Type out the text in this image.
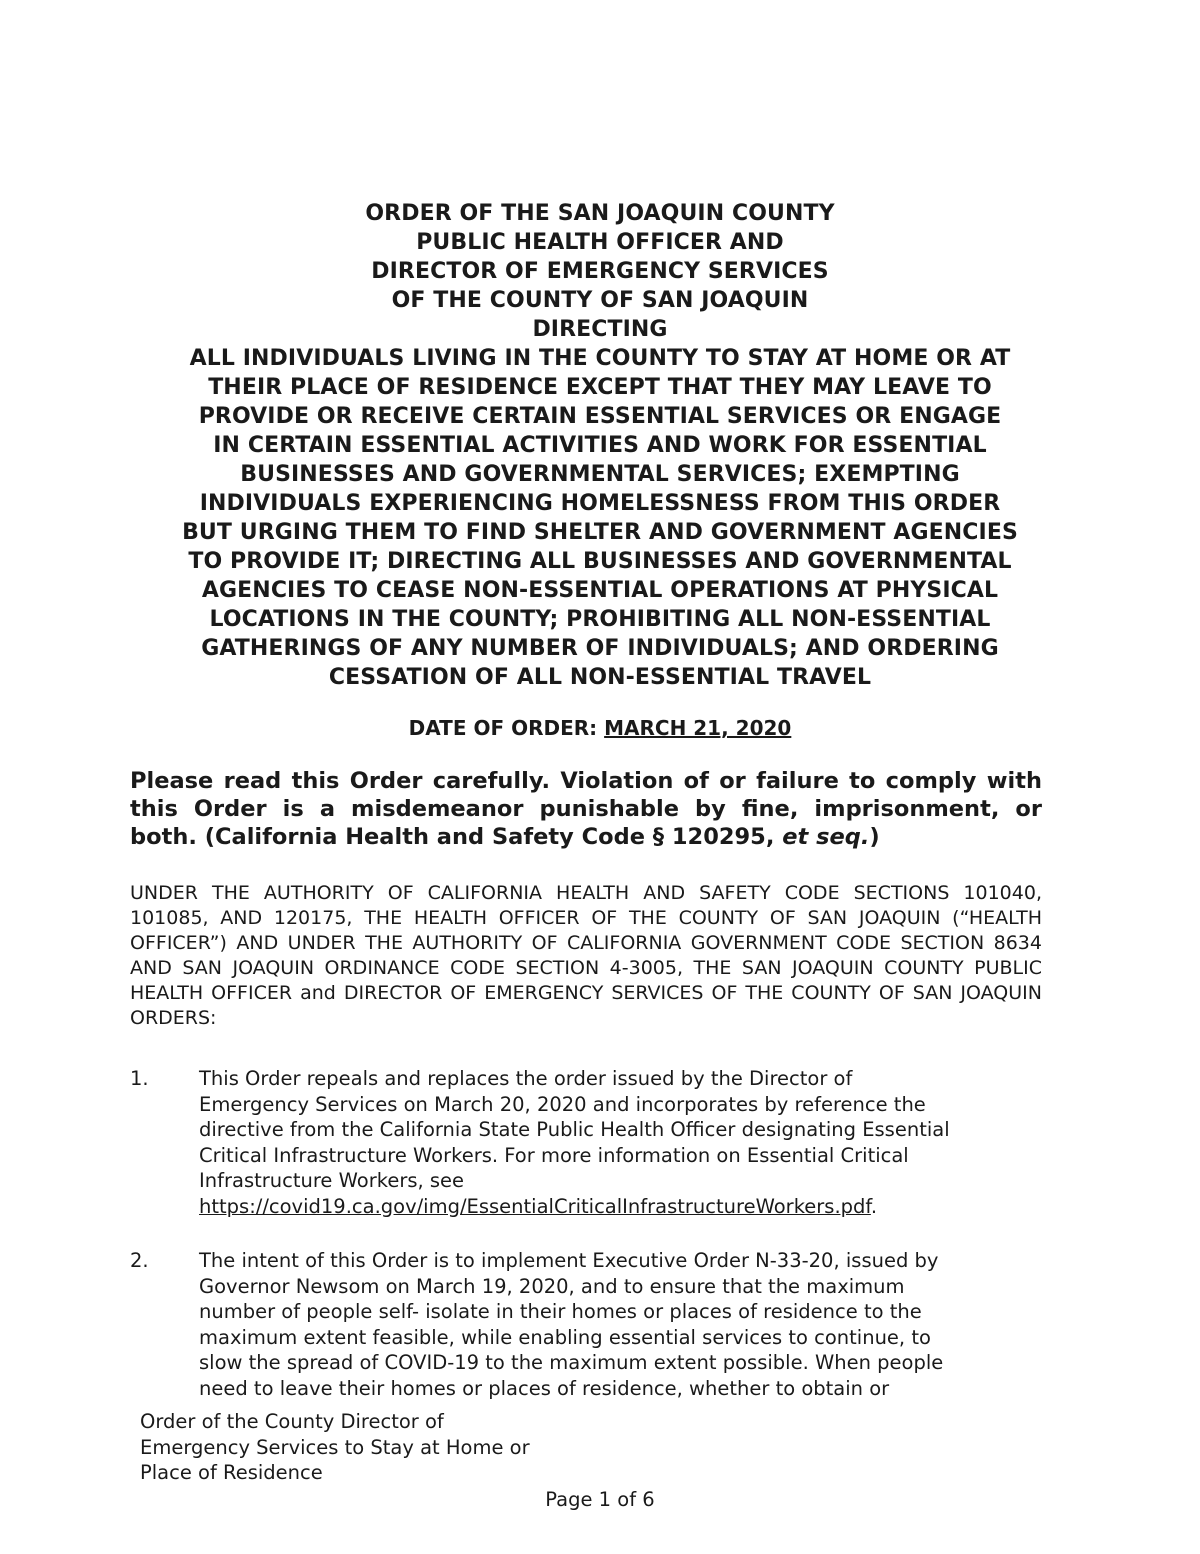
ORDER OF THE SAN JOAQUIN COUNTY
PUBLIC HEALTH OFFICER AND
DIRECTOR OF EMERGENCY SERVICES
OF THE COUNTY OF SAN JOAQUIN
DIRECTING
ALL INDIVIDUALS LIVING IN THE COUNTY TO STAY AT HOME OR AT
THEIR PLACE OF RESIDENCE EXCEPT THAT THEY MAY LEAVE TO
PROVIDE OR RECEIVE CERTAIN ESSENTIAL SERVICES OR ENGAGE
IN CERTAIN ESSENTIAL ACTIVITIES AND WORK FOR ESSENTIAL
BUSINESSES AND GOVERNMENTAL SERVICES; EXEMPTING
INDIVIDUALS EXPERIENCING HOMELESSNESS FROM THIS ORDER
BUT URGING THEM TO FIND SHELTER AND GOVERNMENT AGENCIES
TO PROVIDE IT; DIRECTING ALL BUSINESSES AND GOVERNMENTAL
AGENCIES TO CEASE NON-ESSENTIAL OPERATIONS AT PHYSICAL
LOCATIONS IN THE COUNTY; PROHIBITING ALL NON-ESSENTIAL
GATHERINGS OF ANY NUMBER OF INDIVIDUALS; AND ORDERING
CESSATION OF ALL NON-ESSENTIAL TRAVEL
DATE OF ORDER: MARCH 21, 2020
Please read this Order carefully. Violation of or failure to comply with this Order is a misdemeanor punishable by fine, imprisonment, or both. (California Health and Safety Code § 120295, et seq.)
UNDER THE AUTHORITY OF CALIFORNIA HEALTH AND SAFETY CODE SECTIONS 101040, 101085, AND 120175, THE HEALTH OFFICER OF THE COUNTY OF SAN JOAQUIN (“HEALTH OFFICER”) AND UNDER THE AUTHORITY OF CALIFORNIA GOVERNMENT CODE SECTION 8634 AND SAN JOAQUIN ORDINANCE CODE SECTION 4-3005, THE SAN JOAQUIN COUNTY PUBLIC HEALTH OFFICER and DIRECTOR OF EMERGENCY SERVICES OF THE COUNTY OF SAN JOAQUIN ORDERS:
1.	This Order repeals and replaces the order issued by the Director of
Emergency Services on March 20, 2020 and incorporates by reference the
directive from the California State Public Health Officer designating Essential
Critical Infrastructure Workers. For more information on Essential Critical
Infrastructure Workers, see
https://covid19.ca.gov/img/EssentialCriticalInfrastructureWorkers.pdf.
2.	The intent of this Order is to implement Executive Order N-33-20, issued by
Governor Newsom on March 19, 2020, and to ensure that the maximum
number of people self- isolate in their homes or places of residence to the
maximum extent feasible, while enabling essential services to continue, to
slow the spread of COVID-19 to the maximum extent possible. When people
need to leave their homes or places of residence, whether to obtain or
Order of the County Director of
Emergency Services to Stay at Home or
Place of Residence
Page 1 of 6
